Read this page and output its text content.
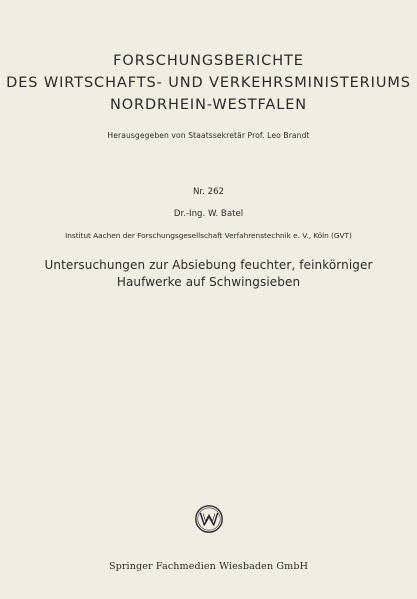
FORSCHUNGSBERICHTE
DES WIRTSCHAFTS- UND VERKEHRSMINISTERIUMS
NORDRHEIN-WESTFALEN
Herausgegeben von Staatssekretär Prof. Leo Brandt
Nr. 262
Dr.-Ing. W. Batel
Institut Aachen der Forschungsgesellschaft Verfahrenstechnik e. V., Köln (GVT)
Untersuchungen zur Absiebung feuchter, feinkörniger
Haufwerke auf Schwingsieben
Springer Fachmedien Wiesbaden GmbH
